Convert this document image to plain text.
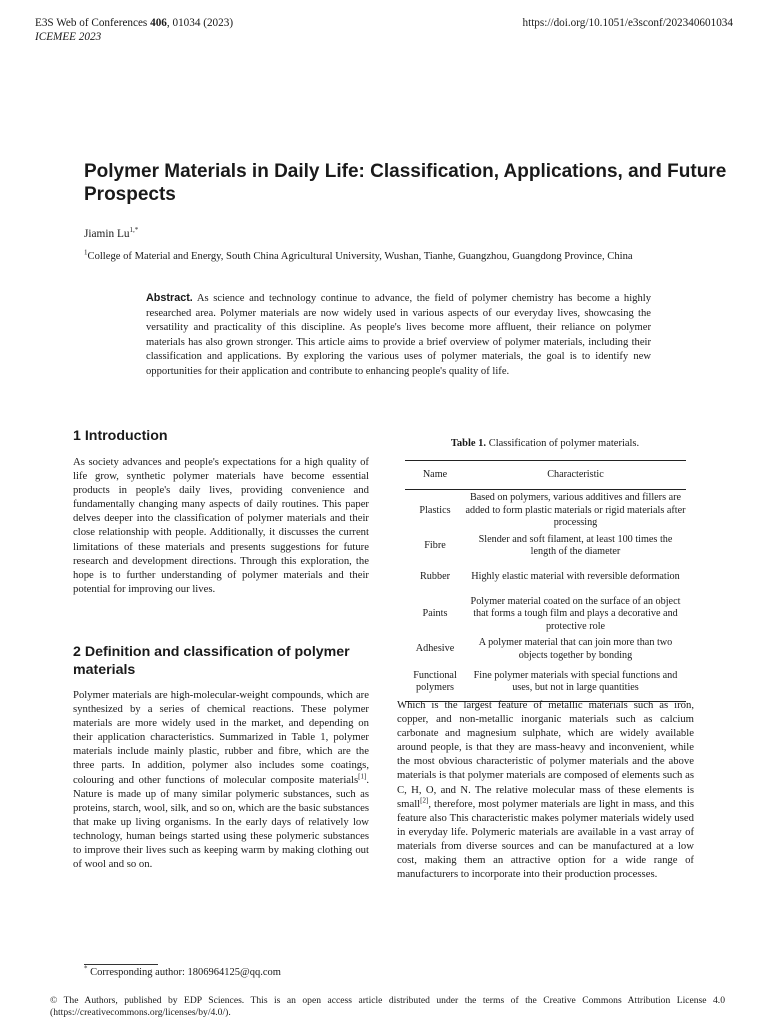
E3S Web of Conferences 406, 01034 (2023)
ICEMEE 2023
https://doi.org/10.1051/e3sconf/202340601034
Polymer Materials in Daily Life: Classification, Applications, and Future Prospects
Jiamin $Lu^{1,*}$
$^1$College of Material and Energy, South China Agricultural University, Wushan, Tianhe, Guangzhou, Guangdong Province, China
Abstract. As science and technology continue to advance, the field of polymer chemistry has become a highly researched area. Polymer materials are now widely used in various aspects of our everyday lives, showcasing the versatility and practicality of this discipline. As people's lives become more affluent, their reliance on polymer materials has also grown stronger. This article aims to provide a brief overview of polymer materials, including their classification and applications. By exploring the various uses of polymer materials, the goal is to identify new opportunities for their application and contribute to enhancing people's quality of life.
1 Introduction
As society advances and people's expectations for a high quality of life grow, synthetic polymer materials have become essential products in people's daily lives, providing convenience and fundamentally changing many aspects of daily routines. This paper delves deeper into the classification of polymer materials and their close relationship with people. Additionally, it discusses the current limitations of these materials and presents suggestions for future research and development directions. Through this exploration, the hope is to further understanding of polymer materials and their potential for improving our lives.
2 Definition and classification of polymer materials
Polymer materials are high-molecular-weight compounds, which are synthesized by a series of chemical reactions. These polymer materials are more widely used in the market, and depending on their application characteristics. Summarized in Table 1, polymer materials include mainly plastic, rubber and fibre, which are the three parts. In addition, polymer also includes some coatings, colouring and other functions of molecular composite materials[1]. Nature is made up of many similar polymeric substances, such as proteins, starch, wool, silk, and so on, which are the basic substances that make up living organisms. In the early days of relatively low technology, human beings started using these polymeric substances to improve their lives such as keeping warm by making clothing out of wool and so on.
Table 1. Classification of polymer materials.
Name	Characteristic
Plastics	Based on polymers, various additives and fillers are added to form plastic materials or rigid materials after processing
Fibre	Slender and soft filament, at least 100 times the length of the diameter
Rubber	Highly elastic material with reversible deformation
Paints	Polymer material coated on the surface of an object that forms a tough film and plays a decorative and protective role
Adhesive	A polymer material that can join more than two objects together by bonding
Functional polymers	Fine polymer materials with special functions and uses, but not in large quantities
Which is the largest feature of metallic materials such as iron, copper, and non-metallic inorganic materials such as calcium carbonate and magnesium sulphate, which are widely available around people, is that they are mass-heavy and inconvenient, while the most obvious characteristic of polymer materials and the above materials is that polymer materials are composed of elements such as C, H, O, and N. The relative molecular mass of these elements is small[2], therefore, most polymer materials are light in mass, and this feature also This characteristic makes polymer materials widely used in everyday life. Polymeric materials are available in a vast array of materials from diverse sources and can be manufactured at a low cost, making them an attractive option for a wide range of manufacturers to incorporate into their production processes.
* Corresponding author: 1806964125@qq.com
© The Authors, published by EDP Sciences. This is an open access article distributed under the terms of the Creative Commons Attribution License 4.0 (https://creativecommons.org/licenses/by/4.0/).
